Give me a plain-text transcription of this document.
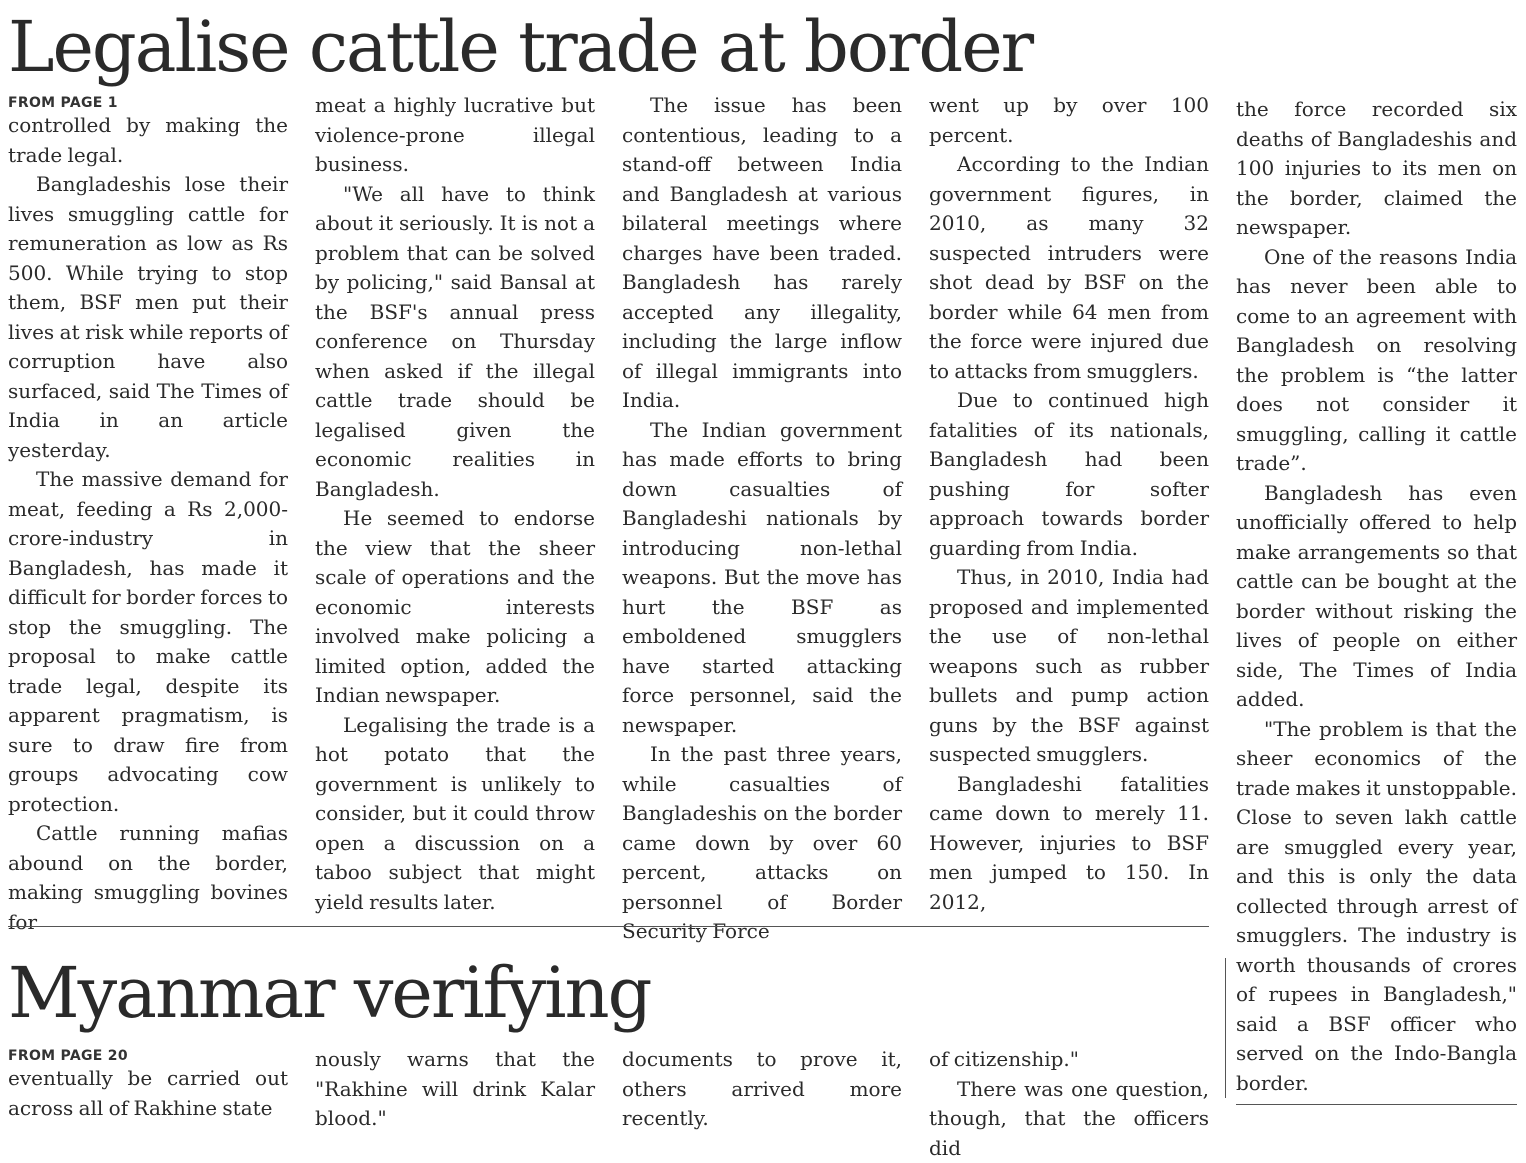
Legalise cattle trade at border
FROM PAGE 1

controlled by making the trade legal.

Bangladeshis lose their lives smuggling cattle for remuneration as low as Rs 500. While trying to stop them, BSF men put their lives at risk while reports of corruption have also surfaced, said The Times of India in an article yesterday.

The massive demand for meat, feeding a Rs 2,000-crore-industry in Bangladesh, has made it difficult for border forces to stop the smuggling. The proposal to make cattle trade legal, despite its apparent pragmatism, is sure to draw fire from groups advocating cow protection.

Cattle running mafias abound on the border, making smuggling bovines for

meat a highly lucrative but violence-prone illegal business.

"We all have to think about it seriously. It is not a problem that can be solved by policing," said Bansal at the BSF's annual press conference on Thursday when asked if the illegal cattle trade should be legalised given the economic realities in Bangladesh.

He seemed to endorse the view that the sheer scale of operations and the economic interests involved make policing a limited option, added the Indian newspaper.

Legalising the trade is a hot potato that the government is unlikely to consider, but it could throw open a discussion on a taboo subject that might yield results later.

The issue has been contentious, leading to a stand-off between India and Bangladesh at various bilateral meetings where charges have been traded. Bangladesh has rarely accepted any illegality, including the large inflow of illegal immigrants into India.

The Indian government has made efforts to bring down casualties of Bangladeshi nationals by introducing non-lethal weapons. But the move has hurt the BSF as emboldened smugglers have started attacking force personnel, said the newspaper.

In the past three years, while casualties of Bangladeshis on the border came down by over 60 percent, attacks on personnel of Border Security Force

went up by over 100 percent.

According to the Indian government figures, in 2010, as many 32 suspected intruders were shot dead by BSF on the border while 64 men from the force were injured due to attacks from smugglers.

Due to continued high fatalities of its nationals, Bangladesh had been pushing for softer approach towards border guarding from India.

Thus, in 2010, India had proposed and implemented the use of non-lethal weapons such as rubber bullets and pump action guns by the BSF against suspected smugglers.

Bangladeshi fatalities came down to merely 11. However, injuries to BSF men jumped to 150. In 2012,

the force recorded six deaths of Bangladeshis and 100 injuries to its men on the border, claimed the newspaper.

One of the reasons India has never been able to come to an agreement with Bangladesh on resolving the problem is “the latter does not consider it smuggling, calling it cattle trade”.

Bangladesh has even unofficially offered to help make arrangements so that cattle can be bought at the border without risking the lives of people on either side, The Times of India added.

"The problem is that the sheer economics of the trade makes it unstoppable. Close to seven lakh cattle are smuggled every year, and this is only the data collected through arrest of smugglers. The industry is worth thousands of crores of rupees in Bangladesh," said a BSF officer who served on the Indo-Bangla border.

Myanmar verifying
FROM PAGE 20

eventually be carried out across all of Rakhine state

nously warns that the "Rakhine will drink Kalar blood."

documents to prove it, others arrived more recently.

of citizenship."

There was one question, though, that the officers did
